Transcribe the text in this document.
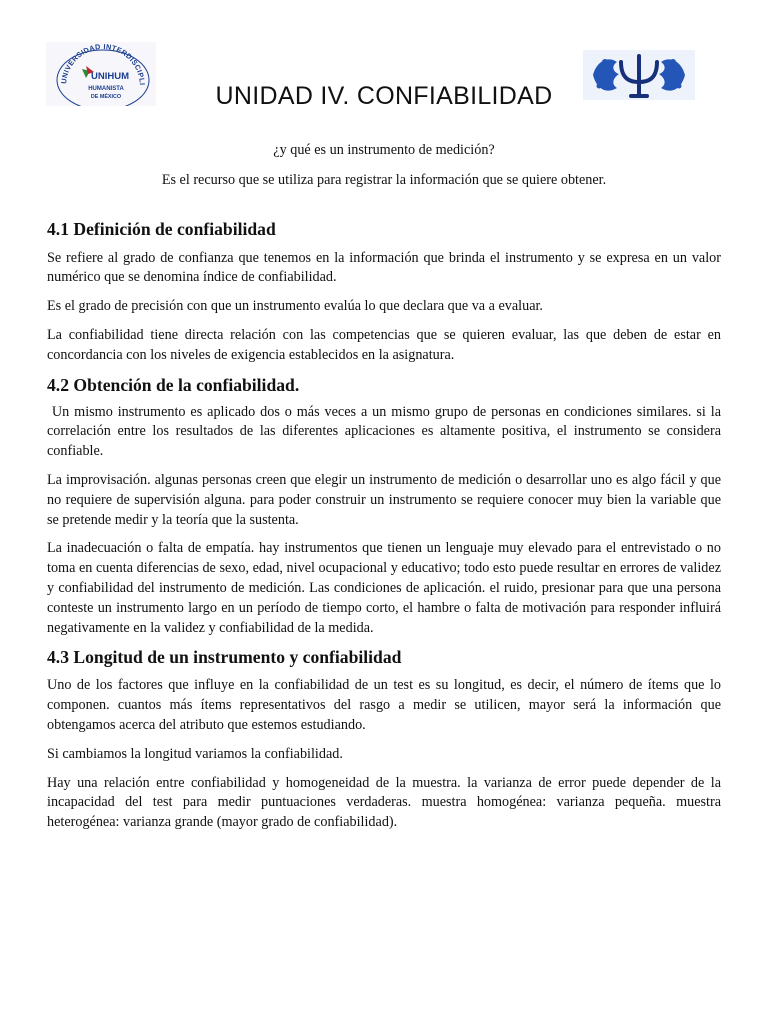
UNIVERSIDAD INTERDISCIPLI
UNIHUM
HUMANISTA
DE MÉXICO	UNIDAD IV. CONFIABILIDAD

¿y qué es un instrumento de medición?

Es el recurso que se utiliza para registrar la información que se quiere obtener.

4.1 Definición de confiabilidad

Se refiere al grado de confianza que tenemos en la información que brinda el instrumento y se expresa en un valor numérico que se denomina índice de confiabilidad.

Es el grado de precisión con que un instrumento evalúa lo que declara que va a evaluar.

La confiabilidad tiene directa relación con las competencias que se quieren evaluar, las que deben de estar en concordancia con los niveles de exigencia establecidos en la asignatura.

4.2 Obtención de la confiabilidad.

Un mismo instrumento es aplicado dos o más veces a un mismo grupo de personas en condiciones similares. si la correlación entre los resultados de las diferentes aplicaciones es altamente positiva, el instrumento se considera confiable.

La improvisación. algunas personas creen que elegir un instrumento de medición o desarrollar uno es algo fácil y que no requiere de supervisión alguna. para poder construir un instrumento se requiere conocer muy bien la variable que se pretende medir y la teoría que la sustenta.

La inadecuación o falta de empatía. hay instrumentos que tienen un lenguaje muy elevado para el entrevistado o no toma en cuenta diferencias de sexo, edad, nivel ocupacional y educativo; todo esto puede resultar en errores de validez y confiabilidad del instrumento de medición. Las condiciones de aplicación. el ruido, presionar para que una persona conteste un instrumento largo en un período de tiempo corto, el hambre o falta de motivación para responder influirá negativamente en la validez y confiabilidad de la medida.

4.3 Longitud de un instrumento y confiabilidad

Uno de los factores que influye en la confiabilidad de un test es su longitud, es decir, el número de ítems que lo componen. cuantos más ítems representativos del rasgo a medir se utilicen, mayor será la información que obtengamos acerca del atributo que estemos estudiando.

Si cambiamos la longitud variamos la confiabilidad.

Hay una relación entre confiabilidad y homogeneidad de la muestra. la varianza de error puede depender de la incapacidad del test para medir puntuaciones verdaderas. muestra homogénea: varianza pequeña. muestra heterogénea: varianza grande (mayor grado de confiabilidad).
